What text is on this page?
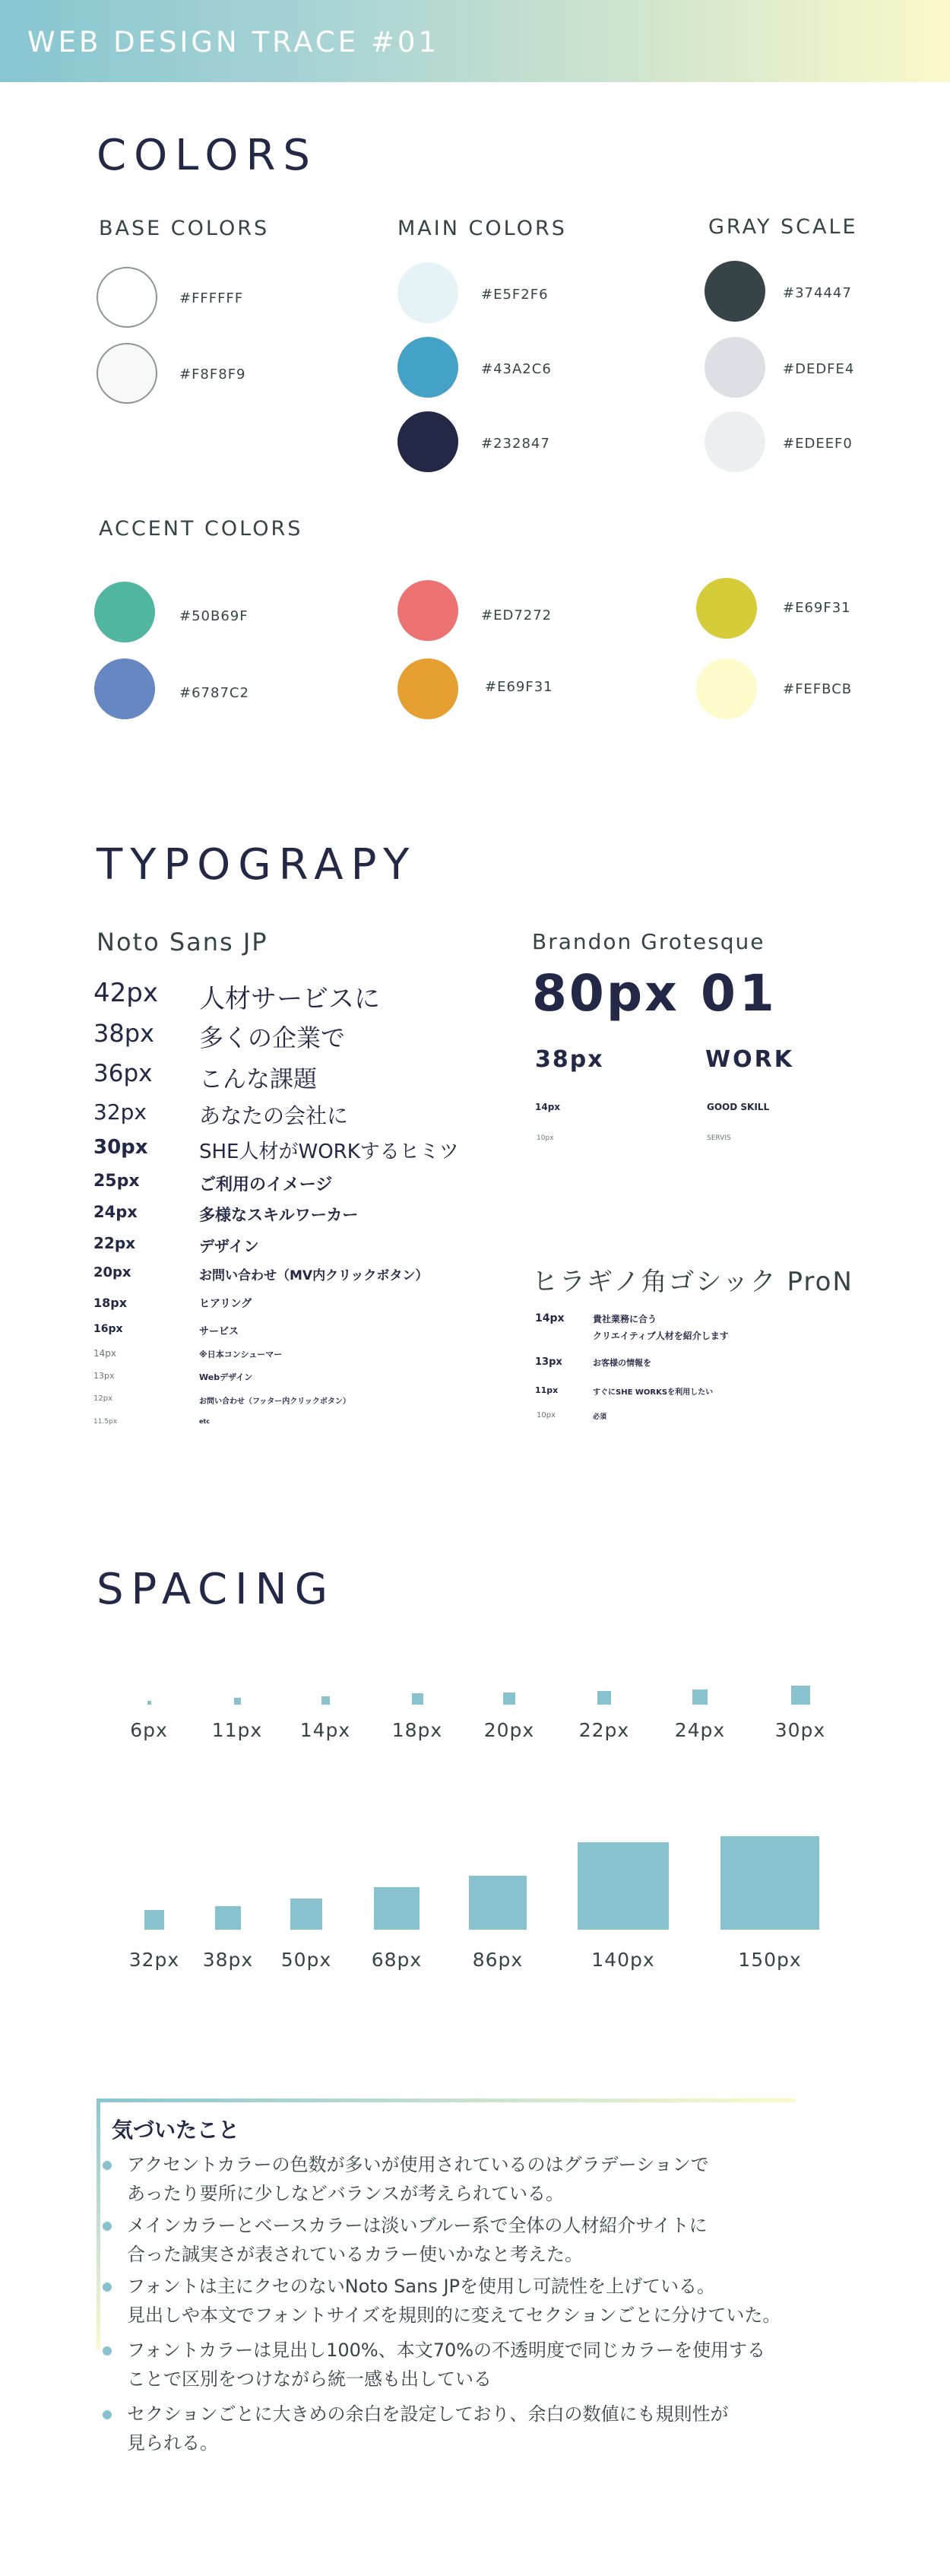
WEB DESIGN TRACE #01
COLORS
BASE COLORS
#FFFFFF
#F8F8F9
MAIN COLORS
#E5F2F6
#43A2C6
#232847
GRAY SCALE
#374447
#DEDFE4
#EDEEF0
ACCENT COLORS
#50B69F
#6787C2
#ED7272
#E69F31
#E69F31
#FEFBCB
TYPOGRAPY
Noto Sans JP
42px 人材サービスに
38px 多くの企業で
36px こんな課題
32px あなたの会社に
30px	SHE人材がWORKするヒミツ
25px	ご利用のイメージ
24px	多様なスキルワーカー
22px	デザイン
20px	お問い合わせ（MV内クリックボタン）
18px	ヒアリング
16px	サービス
14px	※日本コンシューマー
13px	Webデザイン
12px	お問い合わせ（フッター内クリックボタン）
11.5px	etc
Brandon Grotesque
80px 01
38px	WORK
14px	GOOD SKILL
10px	SERVIS
ヒラギノ角ゴシック ProN
14px	貴社業務に合う
クリエイティブ人材を紹介します
13px	お客様の情報を
11px	すぐにSHE WORKSを利用したい
10px	必須
SPACING
6px	11px	14px	18px	20px	22px	24px	30px
32px	38px	50px	68px	86px	140px	150px
気づいたこと
アクセントカラーの色数が多いが使用されているのはグラデーションで
あったり要所に少しなどバランスが考えられている。
メインカラーとベースカラーは淡いブルー系で全体の人材紹介サイトに
合った誠実さが表されているカラー使いかなと考えた。
フォントは主にクセのないNoto Sans JPを使用し可読性を上げている。
見出しや本文でフォントサイズを規則的に変えてセクションごとに分けていた。
フォントカラーは見出し100%、本文70%の不透明度で同じカラーを使用する
ことで区別をつけながら統一感も出している
セクションごとに大きめの余白を設定しており、余白の数値にも規則性が
見られる。
